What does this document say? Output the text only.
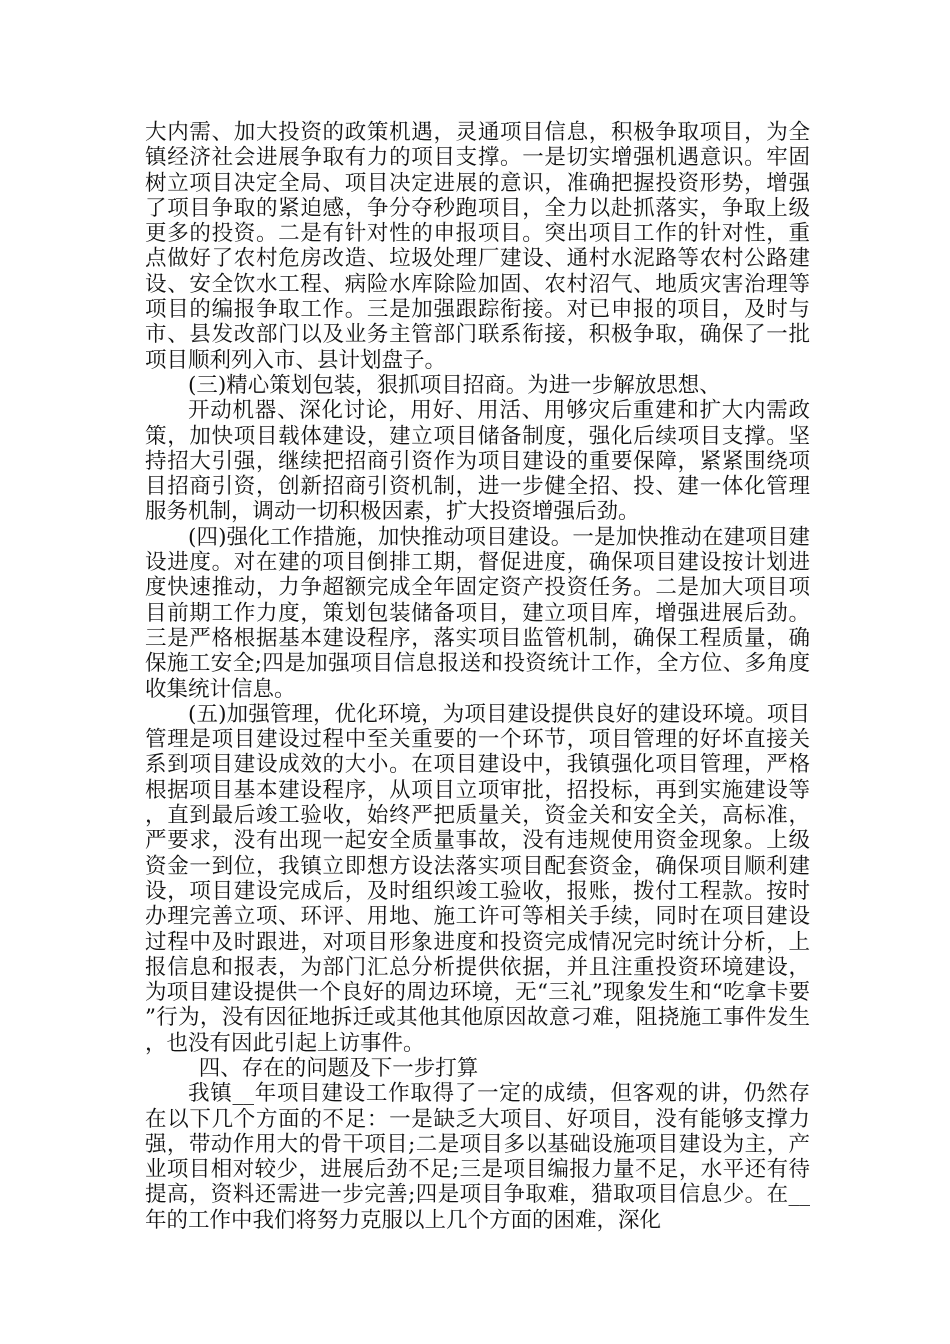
大内需、加大投资的政策机遇，灵通项目信息，积极争取项目，为全镇经济社会进展争取有力的项目支撑。一是切实增强机遇意识。牢固树立项目决定全局、项目决定进展的意识，准确把握投资形势，增强了项目争取的紧迫感，争分夺秒跑项目，全力以赴抓落实，争取上级更多的投资。二是有针对性的申报项目。突出项目工作的针对性，重点做好了农村危房改造、垃圾处理厂建设、通村水泥路等农村公路建设、安全饮水工程、病险水库除险加固、农村沼气、地质灾害治理等项目的编报争取工作。三是加强跟踪衔接。对已申报的项目，及时与市、县发改部门以及业务主管部门联系衔接，积极争取，确保了一批项目顺利列入市、县计划盘子。

(三)精心策划包装，狠抓项目招商。为进一步解放思想、

开动机器、深化讨论，用好、用活、用够灾后重建和扩大内需政策，加快项目载体建设，建立项目储备制度，强化后续项目支撑。坚持招大引强，继续把招商引资作为项目建设的重要保障，紧紧围绕项目招商引资，创新招商引资机制，进一步健全招、投、建一体化管理服务机制，调动一切积极因素，扩大投资增强后劲。

(四)强化工作措施，加快推动项目建设。一是加快推动在建项目建设进度。对在建的项目倒排工期，督促进度，确保项目建设按计划进度快速推动，力争超额完成全年固定资产投资任务。二是加大项目项目前期工作力度，策划包装储备项目，建立项目库，增强进展后劲。三是严格根据基本建设程序，落实项目监管机制，确保工程质量，确保施工安全;四是加强项目信息报送和投资统计工作，全方位、多角度收集统计信息。

(五)加强管理，优化环境，为项目建设提供良好的建设环境。项目管理是项目建设过程中至关重要的一个环节，项目管理的好坏直接关系到项目建设成效的大小。在项目建设中，我镇强化项目管理，严格根据项目基本建设程序，从项目立项审批，招投标，再到实施建设等，直到最后竣工验收，始终严把质量关，资金关和安全关，高标准，严要求，没有出现一起安全质量事故，没有违规使用资金现象。上级资金一到位，我镇立即想方设法落实项目配套资金，确保项目顺利建设，项目建设完成后，及时组织竣工验收，报账，拨付工程款。按时办理完善立项、环评、用地、施工许可等相关手续，同时在项目建设过程中及时跟进，对项目形象进度和投资完成情况完时统计分析，上报信息和报表，为部门汇总分析提供依据，并且注重投资环境建设，为项目建设提供一个良好的周边环境，无“三礼”现象发生和“吃拿卡要”行为，没有因征地拆迁或其他其他原因故意刁难，阻挠施工事件发生，也没有因此引起上访事件。

四、存在的问题及下一步打算

我镇__年项目建设工作取得了一定的成绩，但客观的讲，仍然存在以下几个方面的不足：一是缺乏大项目、好项目，没有能够支撑力强，带动作用大的骨干项目;二是项目多以基础设施项目建设为主，产业项目相对较少，进展后劲不足;三是项目编报力量不足，水平还有待提高，资料还需进一步完善;四是项目争取难，猎取项目信息少。在__年的工作中我们将努力克服以上几个方面的困难，深化
